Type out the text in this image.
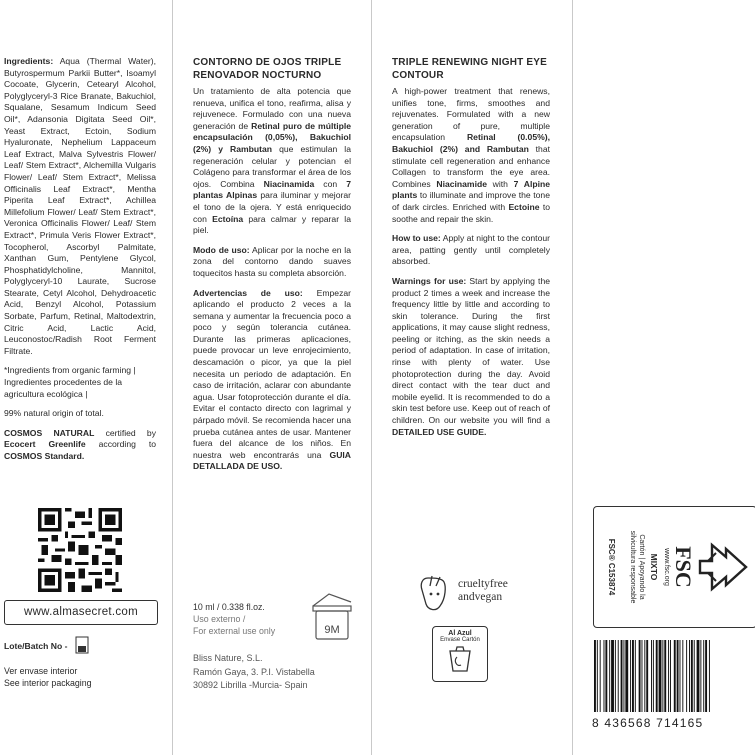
Ingredients: Aqua (Thermal Water), Butyrospermum Parkii Butter*, Isoamyl Cocoate, Glycerin, Cetearyl Alcohol, Polyglyceryl-3 Rice Branate, Bakuchiol, Squalane, Sesamum Indicum Seed Oil*, Adansonia Digitata Seed Oil*, Yeast Extract, Ectoin, Sodium Hyaluronate, Nephelium Lappaceum Leaf Extract, Malva Sylvestris Flower/ Leaf/ Stem Extract*, Alchemilla Vulgaris Flower/ Leaf/ Stem Extract*, Melissa Officinalis Leaf Extract*, Mentha Piperita Leaf Extract*, Achillea Millefolium Flower/ Leaf/ Stem Extract*, Veronica Officinalis Flower/ Leaf/ Stem Extract*, Primula Veris Flower Extract*, Tocopherol, Ascorbyl Palmitate, Xanthan Gum, Pentylene Glycol, Phosphatidylcholine, Mannitol, Polyglyceryl-10 Laurate, Sucrose Stearate, Cetyl Alcohol, Dehydroacetic Acid, Benzyl Alcohol, Potassium Sorbate, Parfum, Retinal, Maltodextrin, Citric Acid, Lactic Acid, Leuconostoc/Radish Root Ferment Filtrate.

*Ingredients from organic farming | Ingredientes procedentes de la agricultura ecológica |

99% natural origin of total.

COSMOS NATURAL certified by Ecocert Greenlife according to COSMOS Standard.

www.almasecret.com
Lote/Batch No -
Ver envase interior
See interior packaging
CONTORNO DE OJOS TRIPLE RENOVADOR NOCTURNO

Un tratamiento de alta potencia que renueva, unifica el tono, reafirma, alisa y rejuvenece. Formulado con una nueva generación de Retinal puro de múltiple encapsulación (0,05%), Bakuchiol (2%) y Rambutan que estimulan la regeneración celular y potencian el Colágeno para transformar el área de los ojos. Combina Niacinamida con 7 plantas Alpinas para iluminar y mejorar el tono de la ojera. Y está enriquecido con Ectoína para calmar y reparar la piel.

Modo de uso: Aplicar por la noche en la zona del contorno dando suaves toquecitos hasta su completa absorción.

Advertencias de uso: Empezar aplicando el producto 2 veces a la semana y aumentar la frecuencia poco a poco y según tolerancia cutánea. Durante las primeras aplicaciones, puede provocar un leve enrojecimiento, descamación o picor, ya que la piel necesita un periodo de adaptación. En caso de irritación, aclarar con abundante agua. Usar fotoprotección durante el día. Evitar el contacto directo con lagrimal y párpado móvil. Se recomienda hacer una prueba cutánea antes de usar. Mantener fuera del alcance de los niños. En nuestra web encontrarás una GUIA DETALLADA DE USO.

10 ml / 0.338 fl.oz.
Uso externo /
For external use only	9M
Bliss Nature, S.L.
Ramón Gaya, 3. P.I. Vistabella
30892 Librilla -Murcia- Spain
TRIPLE RENEWING NIGHT EYE CONTOUR

A high-power treatment that renews, unifies tone, firms, smoothes and rejuvenates. Formulated with a new generation of pure, multiple encapsulation Retinal (0.05%), Bakuchiol (2%) and Rambutan that stimulate cell regeneration and enhance Collagen to transform the eye area. Combines Niacinamide with 7 Alpine plants to illuminate and improve the tone of dark circles. Enriched with Ectoine to soothe and repair the skin.

How to use: Apply at night to the contour area, patting gently until completely absorbed.

Warnings for use: Start by applying the product 2 times a week and increase the frequency little by little and according to skin tolerance. During the first applications, it may cause slight redness, peeling or itching, as the skin needs a period of adaptation. In case of irritation, rinse with plenty of water. Use photoprotection during the day. Avoid direct contact with the tear duct and mobile eyelid. It is recommended to do a skin test before use. Keep out of reach of children. On our website you will find a DETAILED USE GUIDE.

crueltyfree
andvegan
Al Azul
Envase Cartón
FSC
www.fsc.org
MIXTO
Cartón | Apoyando la silvicultura responsable
FSC® C153874
8 436568 714165
